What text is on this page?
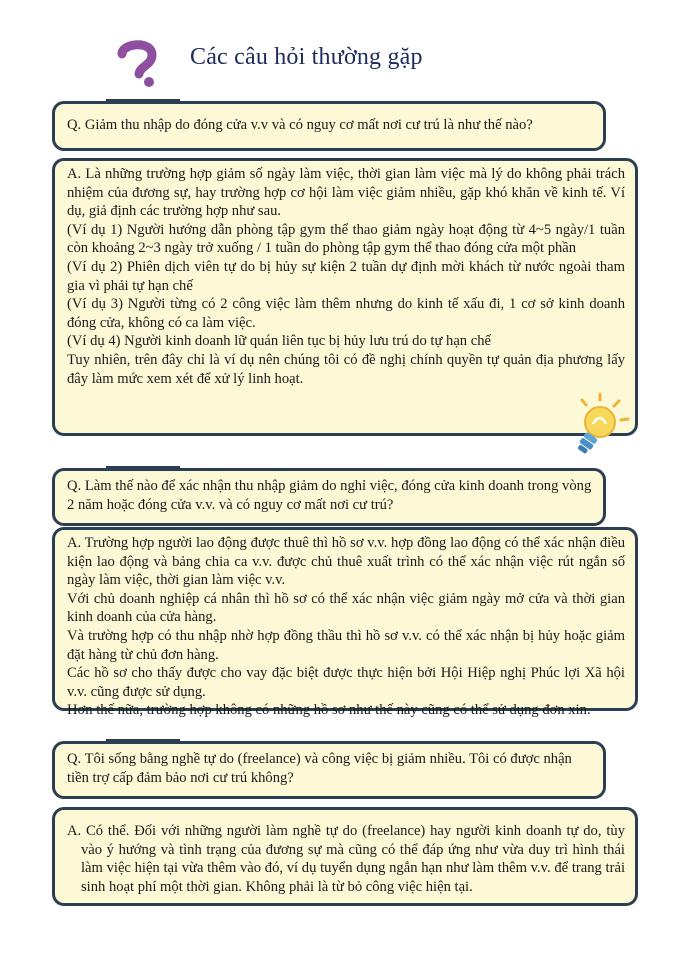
Các câu hỏi thường gặp
Q. Giảm thu nhập do đóng cửa v.v và có nguy cơ mất nơi cư trú là như thế nào?

A. Là những trường hợp giảm số ngày làm việc, thời gian làm việc mà lý do không phải trách nhiệm của đương sự, hay trường hợp cơ hội làm việc giảm nhiều, gặp khó khăn về kinh tế. Ví dụ, giả định các trường hợp như sau.

(Ví dụ 1) Người hướng dẫn phòng tập gym thể thao giảm ngày hoạt động từ 4~5 ngày/1 tuần còn khoảng 2~3 ngày trở xuống / 1 tuần do phòng tập gym thể thao đóng cửa một phần

(Ví dụ 2) Phiên dịch viên tự do bị hủy sự kiện 2 tuần dự định mời khách từ nước ngoài tham gia vì phải tự hạn chế

(Ví dụ 3) Người từng có 2 công việc làm thêm nhưng do kinh tế xấu đi, 1 cơ sở kinh doanh đóng cửa, không có ca làm việc.

(Ví dụ 4) Người kinh doanh lữ quán liên tục bị hủy lưu trú do tự hạn chế

Tuy nhiên, trên đây chỉ là ví dụ nên chúng tôi có đề nghị chính quyền tự quản địa phương lấy đây làm mức xem xét để xử lý linh hoạt.

Q. Làm thế nào để xác nhận thu nhập giảm do nghỉ việc, đóng cửa kinh doanh trong vòng 2 năm hoặc đóng cửa v.v. và có nguy cơ mất nơi cư trú?

A. Trường hợp người lao động được thuê thì hồ sơ v.v. hợp đồng lao động có thể xác nhận điều kiện lao động và bảng chia ca v.v. được chủ thuê xuất trình có thể xác nhận việc rút ngắn số ngày làm việc, thời gian làm việc v.v.

Với chủ doanh nghiệp cá nhân thì hồ sơ có thể xác nhận việc giảm ngày mở cửa và thời gian kinh doanh của cửa hàng.

Và trường hợp có thu nhập nhờ hợp đồng thầu thì hồ sơ v.v. có thể xác nhận bị hủy hoặc giảm đặt hàng từ chủ đơn hàng.

Các hồ sơ cho thấy được cho vay đặc biệt được thực hiện bởi Hội Hiệp nghị Phúc lợi Xã hội v.v. cũng được sử dụng.

Hơn thế nữa, trường hợp không có những hồ sơ như thế này cũng có thể sử dụng đơn xin.

Q. Tôi sống bằng nghề tự do (freelance) và công việc bị giảm nhiều. Tôi có được nhận tiền trợ cấp đảm bảo nơi cư trú không?

A. Có thể. Đối với những người làm nghề tự do (freelance) hay người kinh doanh tự do, tùy vào ý hướng và tình trạng của đương sự mà cũng có thể đáp ứng như vừa duy trì hình thái làm việc hiện tại vừa thêm vào đó, ví dụ tuyển dụng ngắn hạn như làm thêm v.v. để trang trải sinh hoạt phí một thời gian. Không phải là từ bỏ công việc hiện tại.
